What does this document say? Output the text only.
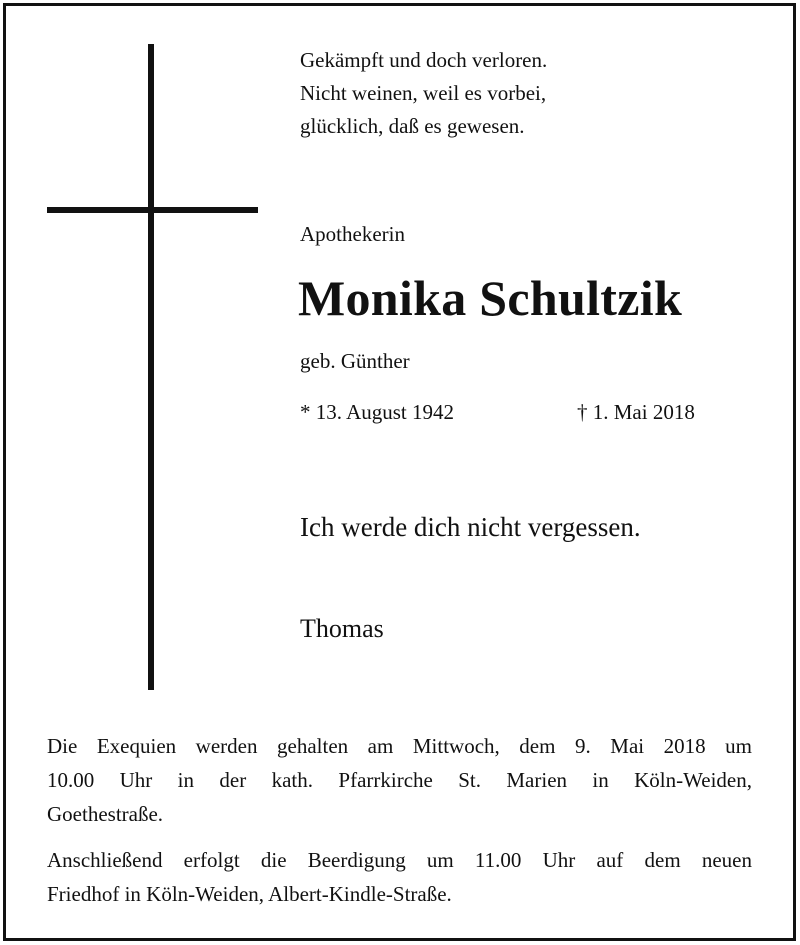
Gekämpft und doch verloren.
Nicht weinen, weil es vorbei,
glücklich, daß es gewesen.
Apothekerin
Monika Schultzik
geb. Günther
* 13. August 1942	† 1. Mai 2018
Ich werde dich nicht vergessen.
Thomas
Die Exequien werden gehalten am Mittwoch, dem 9. Mai 2018 um
10.00 Uhr in der kath. Pfarrkirche St. Marien in Köln-Weiden,
Goethestraße.
Anschließend erfolgt die Beerdigung um 11.00 Uhr auf dem neuen
Friedhof in Köln-Weiden, Albert-Kindle-Straße.
